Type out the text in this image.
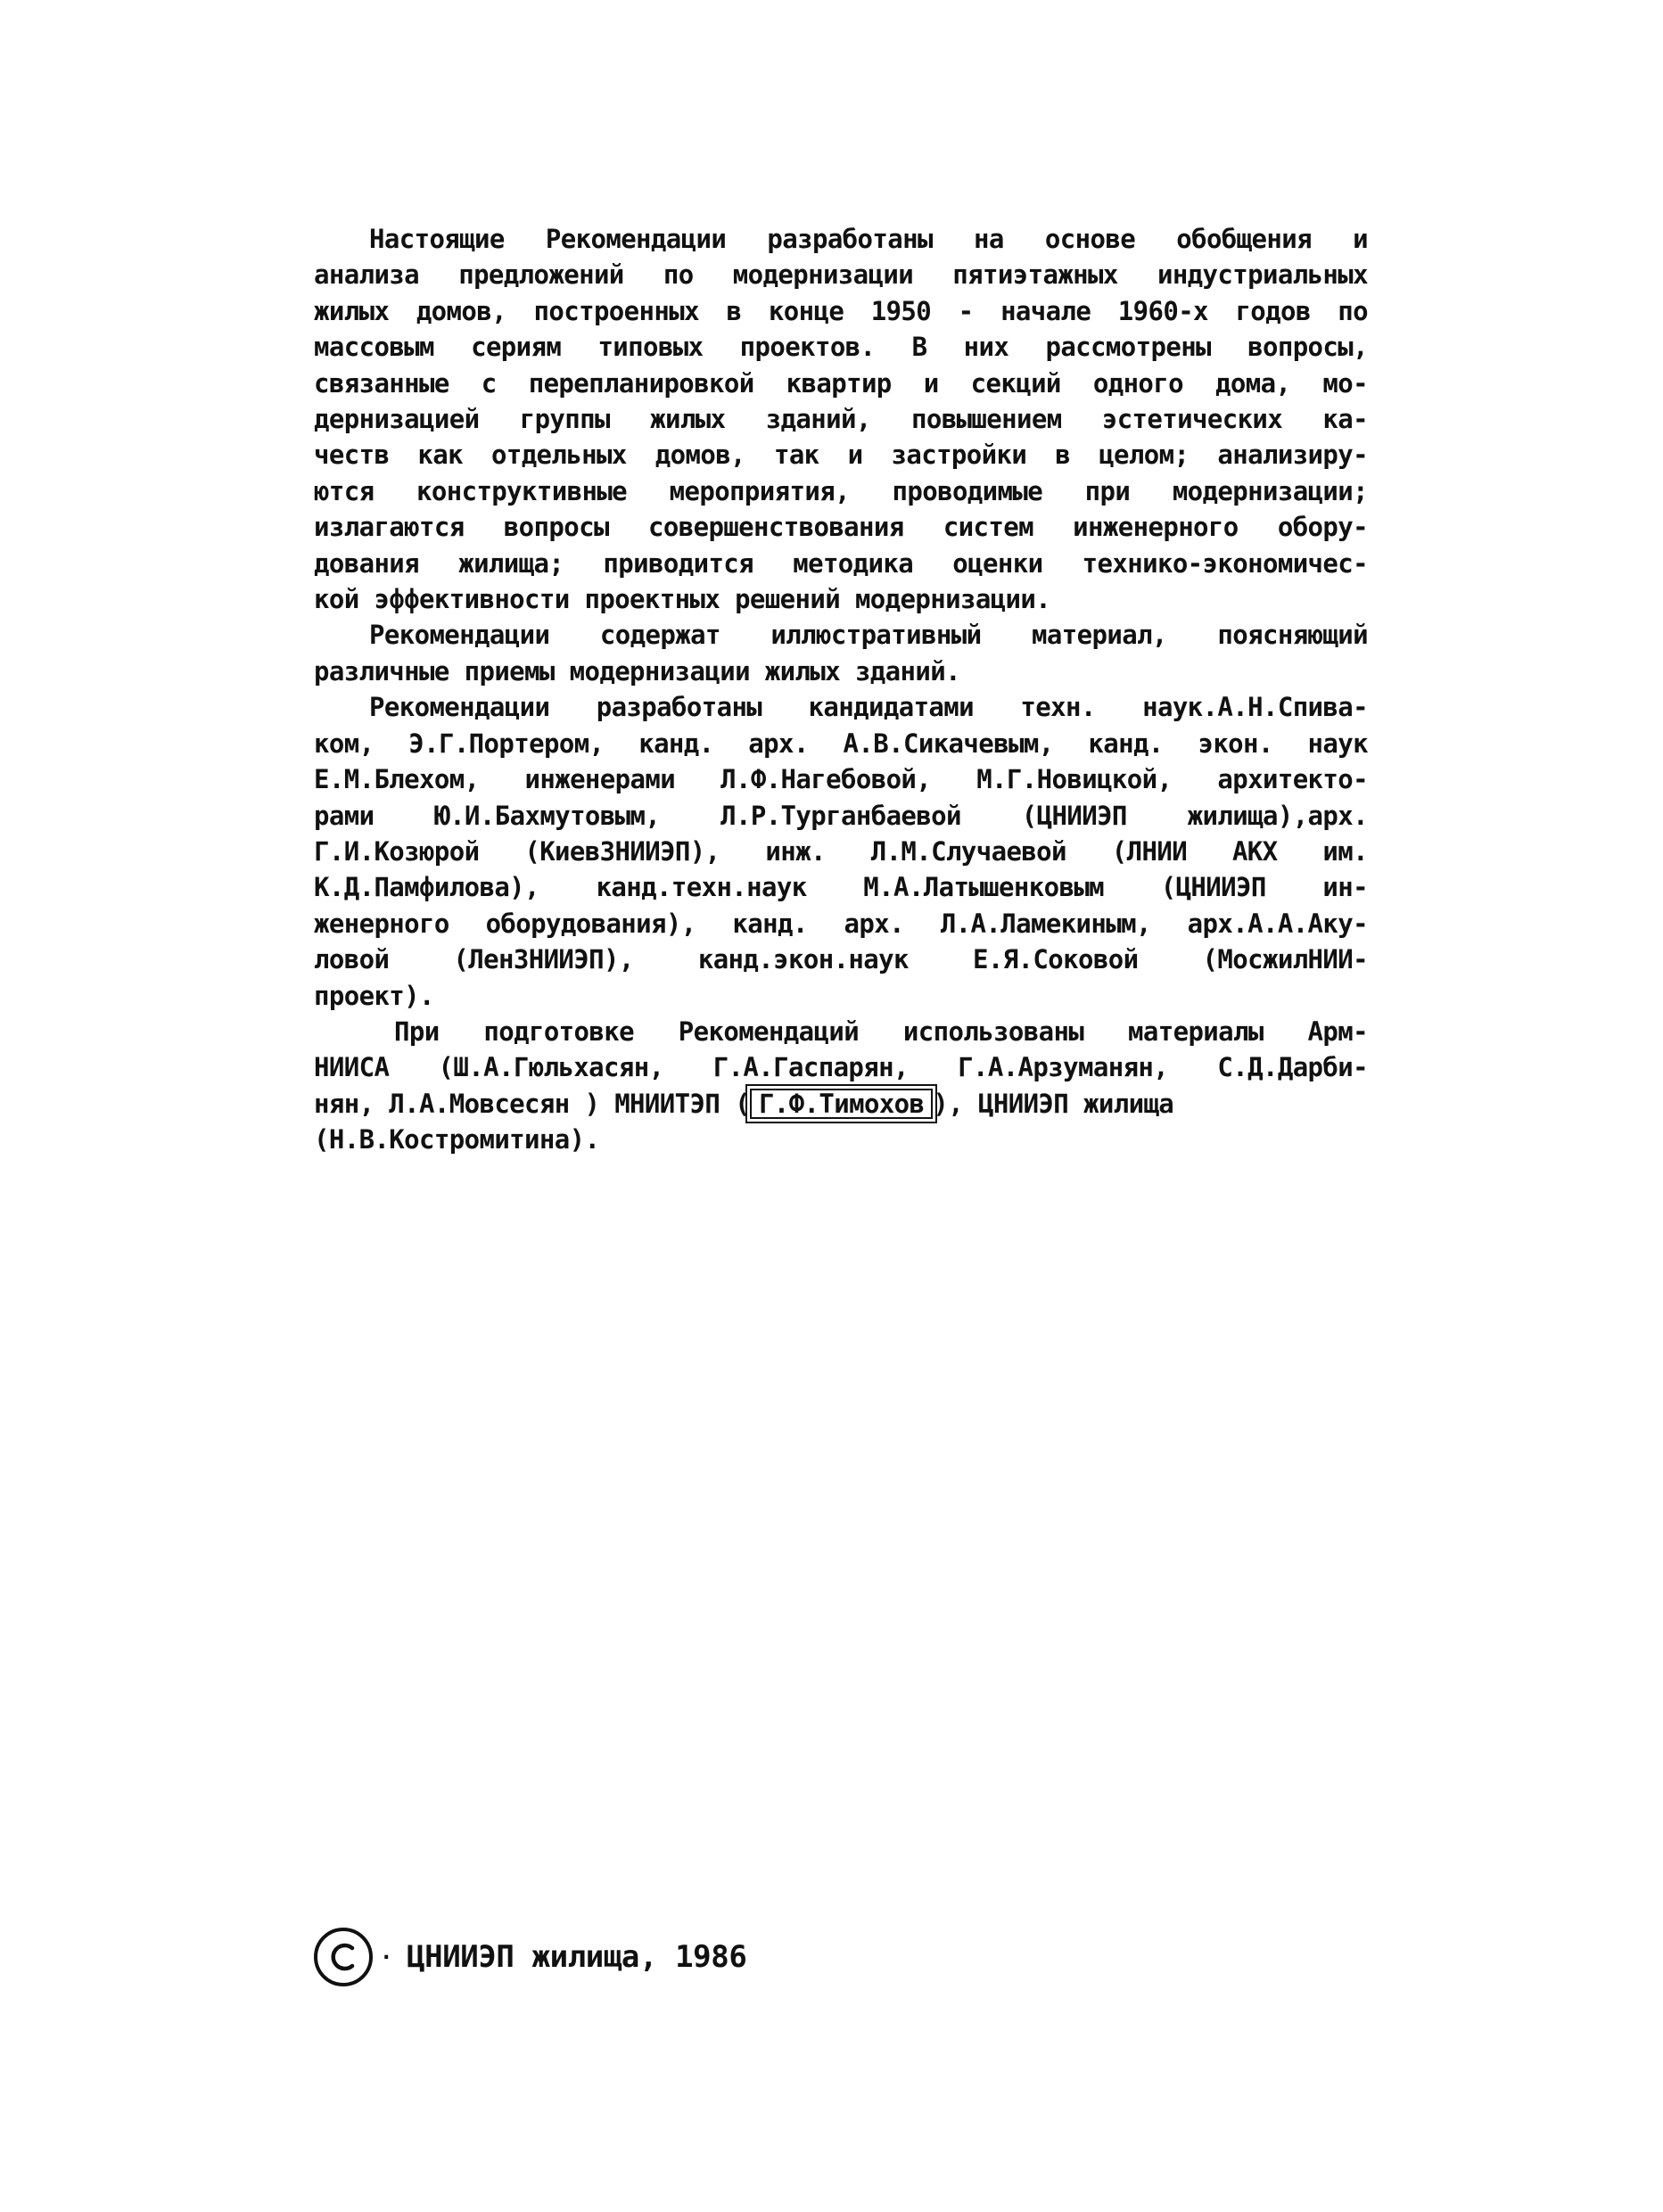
Настоящие Рекомендации разработаны на основе обобщения и
анализа предложений по модернизации пятиэтажных индустриальных
жилых домов, построенных в конце 1950 - начале 1960-х годов по
массовым сериям типовых проектов. В них рассмотрены вопросы,
связанные с перепланировкой квартир и секций одного дома, мо-
дернизацией группы жилых зданий, повышением эстетических ка-
честв как отдельных домов, так и застройки в целом; анализиру-
ются конструктивные мероприятия, проводимые при модернизации;
излагаются вопросы совершенствования систем инженерного обору-
дования жилища; приводится методика оценки технико-экономичес-
кой эффективности проектных решений модернизации.

Рекомендации содержат иллюстративный материал, поясняющий
различные приемы модернизации жилых зданий.

Рекомендации разработаны кандидатами техн. наук.А.Н.Спива-
ком, Э.Г.Портером, канд. арх. А.В.Сикачевым, канд. экон. наук
Е.М.Блехом, инженерами Л.Ф.Нагебовой, М.Г.Новицкой, архитекто-
рами Ю.И.Бахмутовым, Л.Р.Турганбаевой (ЦНИИЭП жилища),арх.
Г.И.Козюрой (КиевЗНИИЭП), инж. Л.М.Случаевой (ЛНИИ АКХ им.
К.Д.Памфилова), канд.техн.наук М.А.Латышенковым (ЦНИИЭП ин-
женерного оборудования), канд. арх. Л.А.Ламекиным, арх.А.А.Аку-
ловой (ЛенЗНИИЭП), канд.экон.наук Е.Я.Соковой (МосжилНИИ-
проект).

При подготовке Рекомендаций использованы материалы Арм-
НИИСА (Ш.А.Гюльхасян, Г.А.Гаспарян, Г.А.Арзуманян, С.Д.Дарби-
нян, Л.А.Мовсесян ) МНИИТЭП ( Г.Ф.Тимохов ), ЦНИИЭП жилища
(Н.В.Костромитина).

· ЦНИИЭП жилища, 1986
